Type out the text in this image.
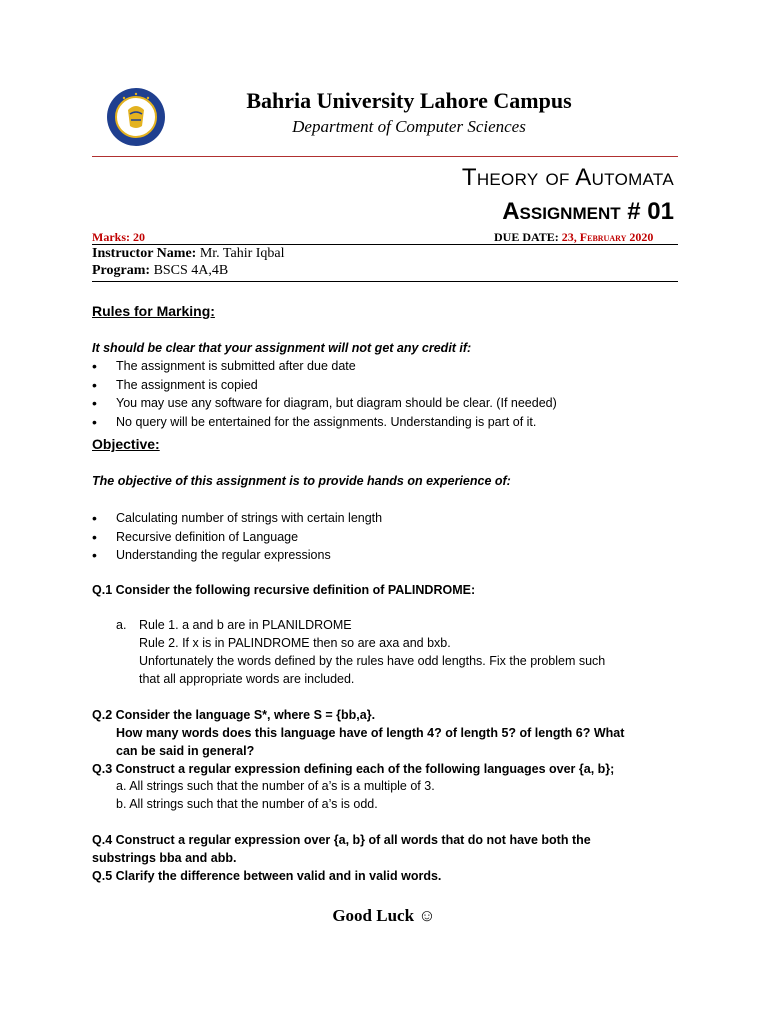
Bahria University Lahore Campus
Department of Computer Sciences
Theory of Automata
Assignment # 01
Marks: 20	DUE DATE: 23, February 2020
Instructor Name: Mr. Tahir Iqbal
Program: BSCS 4A,4B
Rules for Marking:
It should be clear that your assignment will not get any credit if:
• The assignment is submitted after due date
• The assignment is copied
• You may use any software for diagram, but diagram should be clear. (If needed)
• No query will be entertained for the assignments. Understanding is part of it.
Objective:
The objective of this assignment is to provide hands on experience of:
• Calculating number of strings with certain length
• Recursive definition of Language
• Understanding the regular expressions
Q.1 Consider the following recursive definition of PALINDROME:
a. Rule 1. a and b are in PLANILDROME
Rule 2. If x is in PALINDROME then so are axa and bxb.
Unfortunately the words defined by the rules have odd lengths. Fix the problem such
that all appropriate words are included.
Q.2 Consider the language S*, where S = {bb,a}.
How many words does this language have of length 4? of length 5? of length 6? What
can be said in general?
Q.3 Construct a regular expression defining each of the following languages over {a, b};
a. All strings such that the number of a’s is a multiple of 3.
b. All strings such that the number of a’s is odd.
Q.4 Construct a regular expression over {a, b} of all words that do not have both the
substrings bba and abb.
Q.5 Clarify the difference between valid and in valid words.
Good Luck ☺
